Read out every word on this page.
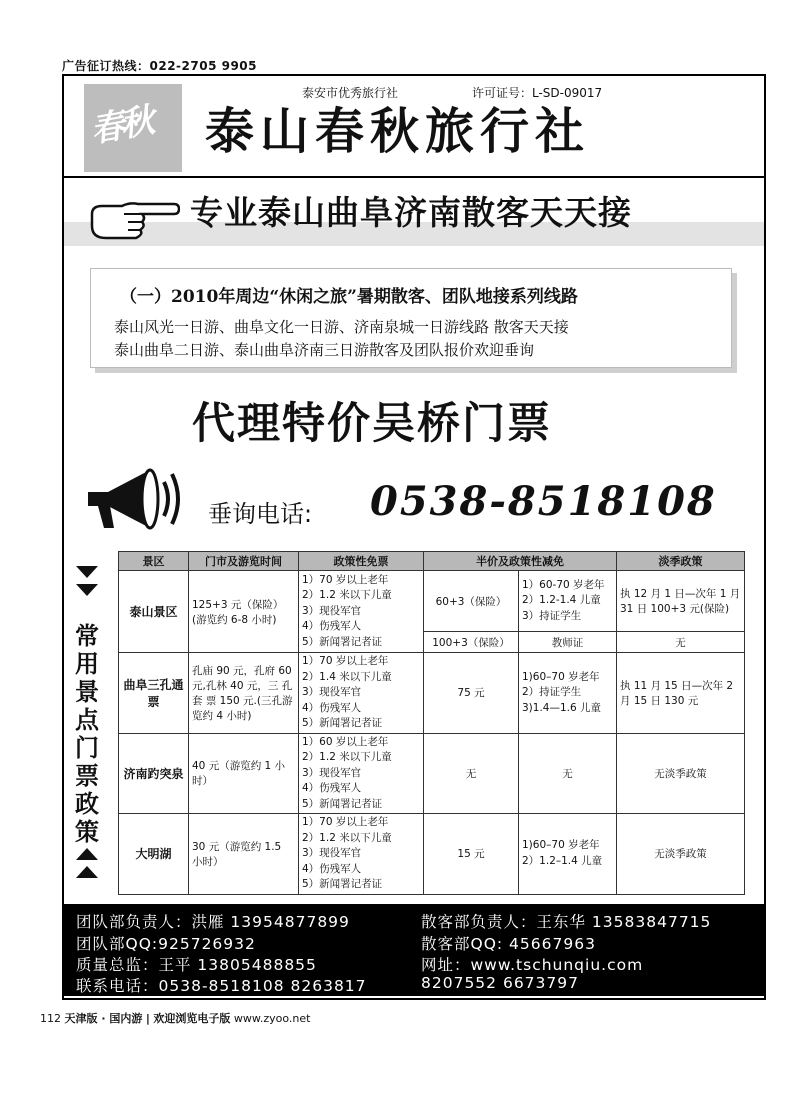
广告征订热线：022-2705 9905
春秋
泰安市优秀旅行社	许可证号：L-SD-09017
泰山春秋旅行社
专业泰山曲阜济南散客天天接
（一）2010年周边“休闲之旅”暑期散客、团队地接系列线路
泰山风光一日游、曲阜文化一日游、济南泉城一日游线路 散客天天接
泰山曲阜二日游、泰山曲阜济南三日游散客及团队报价欢迎垂询
代理特价吴桥门票
垂询电话: 0538-8518108
常用景点门票政策
景区	门市及游览时间	政策性免票	半价及政策性减免		淡季政策
泰山景区	125+3 元（保险）(游览约 6-8 小时)	1）70 岁以上老年
2）1.2 米以下儿童
3）现役军官
4）伤残军人
5）新闻署记者证	60+3（保险）	1）60-70 岁老年
2）1.2-1.4 儿童
3）持证学生	执 12 月 1 日—次年 1 月 31 日 100+3 元(保险)
			100+3（保险）	教师证	无
曲阜三孔通票	孔庙 90 元，孔府 60 元,孔林 40 元，三 孔 套 票 150 元.(三孔游览约 4 小时)	1）70 岁以上老年
2）1.4 米以下儿童
3）现役军官
4）伤残军人
5）新闻署记者证	75 元	1)60–70 岁老年
2）持证学生
3)1.4—1.6 儿童	执 11 月 15 日—次年 2 月 15 日 130 元
济南趵突泉	40 元（游览约 1 小时）	1）60 岁以上老年
2）1.2 米以下儿童
3）现役军官
4）伤残军人
5）新闻署记者证	无	无	无淡季政策
大明湖	30 元（游览约 1.5 小时）	1）70 岁以上老年
2）1.2 米以下儿童
3）现役军官
4）伤残军人
5）新闻署记者证	15 元	1)60–70 岁老年
2）1.2–1.4 儿童	无淡季政策
团队部负责人：洪雁 13954877899
团队部QQ:925726932
质量总监：王平 13805488855
联系电话：0538-8518108 8263817
散客部负责人：王东华 13583847715
散客部QQ: 45667963
网址：www.tschunqiu.com
8207552 6673797
112 天津版 · 国内游 | 欢迎浏览电子版 www.zyoo.net
